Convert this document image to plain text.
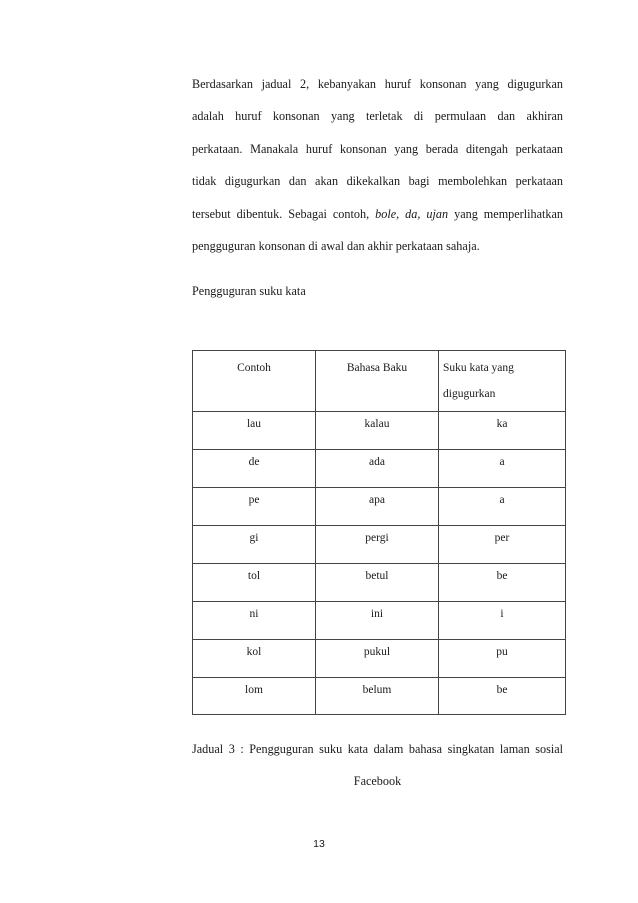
Berdasarkan jadual 2, kebanyakan huruf konsonan yang digugurkan
adalah huruf konsonan yang terletak di permulaan dan akhiran
perkataan. Manakala huruf konsonan yang berada ditengah perkataan
tidak digugurkan dan akan dikekalkan bagi membolehkan perkataan
tersebut dibentuk. Sebagai contoh, bole, da, ujan yang memperlihatkan
pengguguran konsonan di awal dan akhir perkataan sahaja.
Pengguguran suku kata
Contoh	Bahasa Baku	Suku kata yang
digugurkan

lau	kalau	ka

de	ada	a

pe	apa	a

gi	pergi	per

tol	betul	be

ni	ini	i

kol	pukul	pu

lom	belum	be
Jadual 3 : Pengguguran suku kata dalam bahasa singkatan laman sosial
Facebook
13
